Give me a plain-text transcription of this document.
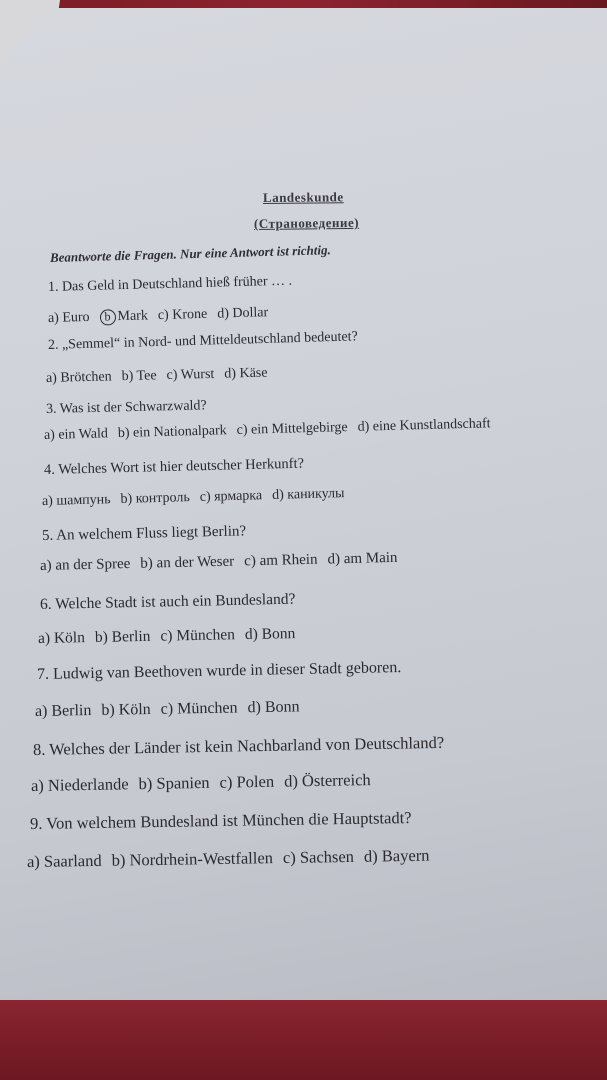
Landeskunde
(Страноведение)
Beantworte die Fragen. Nur eine Antwort ist richtig.
1. Das Geld in Deutschland hieß früher … .
a) Euro	b Mark c) Krone d) Dollar
2. „Semmel“ in Nord- und Mitteldeutschland bedeutet?
a) Brötchen b) Tee c) Wurst d) Käse
3. Was ist der Schwarzwald?
a) ein Wald b) ein Nationalpark c) ein Mittelgebirge d) eine Kunstlandschaft
4. Welches Wort ist hier deutscher Herkunft?
a) шампунь b) контроль c) ярмарка d) каникулы
5. An welchem Fluss liegt Berlin?
a) an der Spree b) an der Weser c) am Rhein d) am Main
6. Welche Stadt ist auch ein Bundesland?
a) Köln b) Berlin c) München d) Bonn
7. Ludwig van Beethoven wurde in dieser Stadt geboren.
a) Berlin b) Köln c) München d) Bonn
8. Welches der Länder ist kein Nachbarland von Deutschland?
a) Niederlande b) Spanien c) Polen d) Österreich
9. Von welchem Bundesland ist München die Hauptstadt?
a) Saarland b) Nordrhein-Westfallen c) Sachsen d) Bayern
